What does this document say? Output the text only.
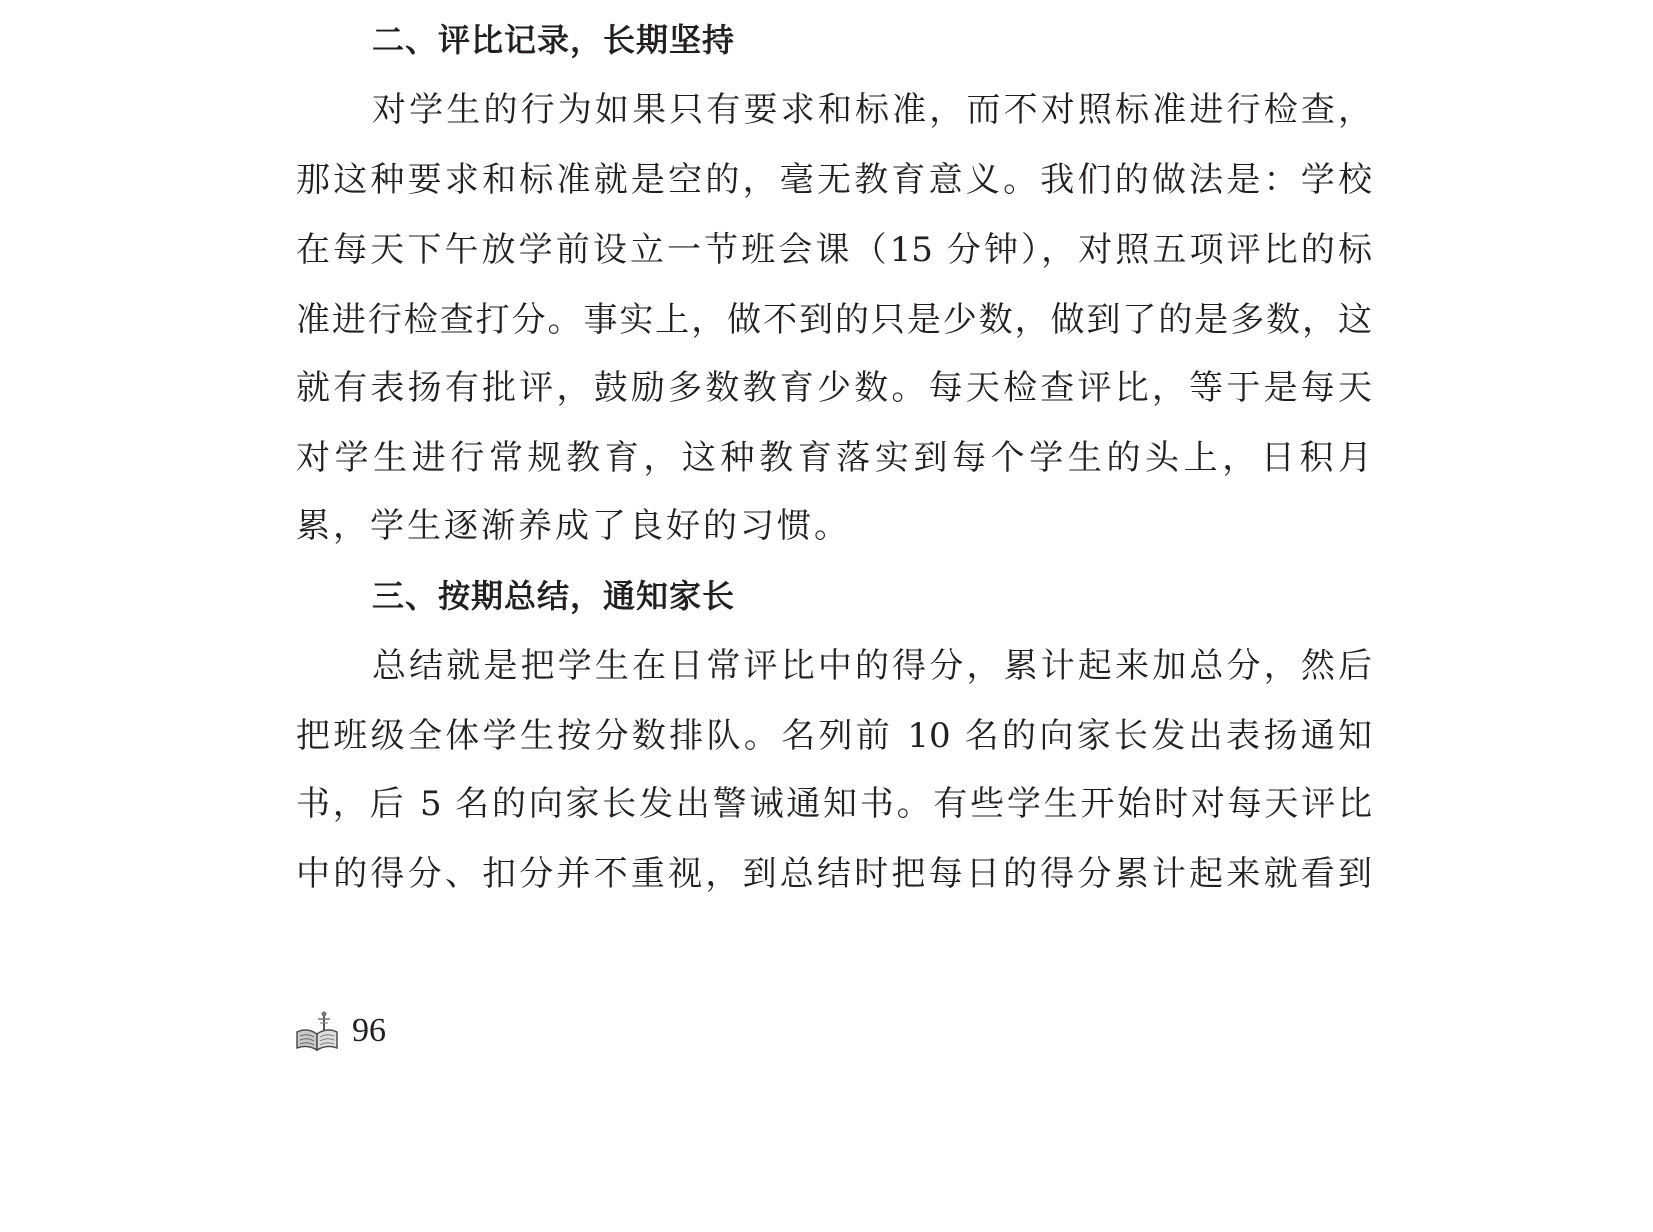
二、评比记录，长期坚持
对学生的行为如果只有要求和标准，而不对照标准进行检查，
那这种要求和标准就是空的，毫无教育意义。我们的做法是：学校
在每天下午放学前设立一节班会课（15 分钟），对照五项评比的标
准进行检查打分。事实上，做不到的只是少数，做到了的是多数，这
就有表扬有批评，鼓励多数教育少数。每天检查评比，等于是每天
对学生进行常规教育，这种教育落实到每个学生的头上，日积月
累，学生逐渐养成了良好的习惯。
三、按期总结，通知家长
总结就是把学生在日常评比中的得分，累计起来加总分，然后
把班级全体学生按分数排队。名列前 10 名的向家长发出表扬通知
书，后 5 名的向家长发出警诫通知书。有些学生开始时对每天评比
中的得分、扣分并不重视，到总结时把每日的得分累计起来就看到
96
